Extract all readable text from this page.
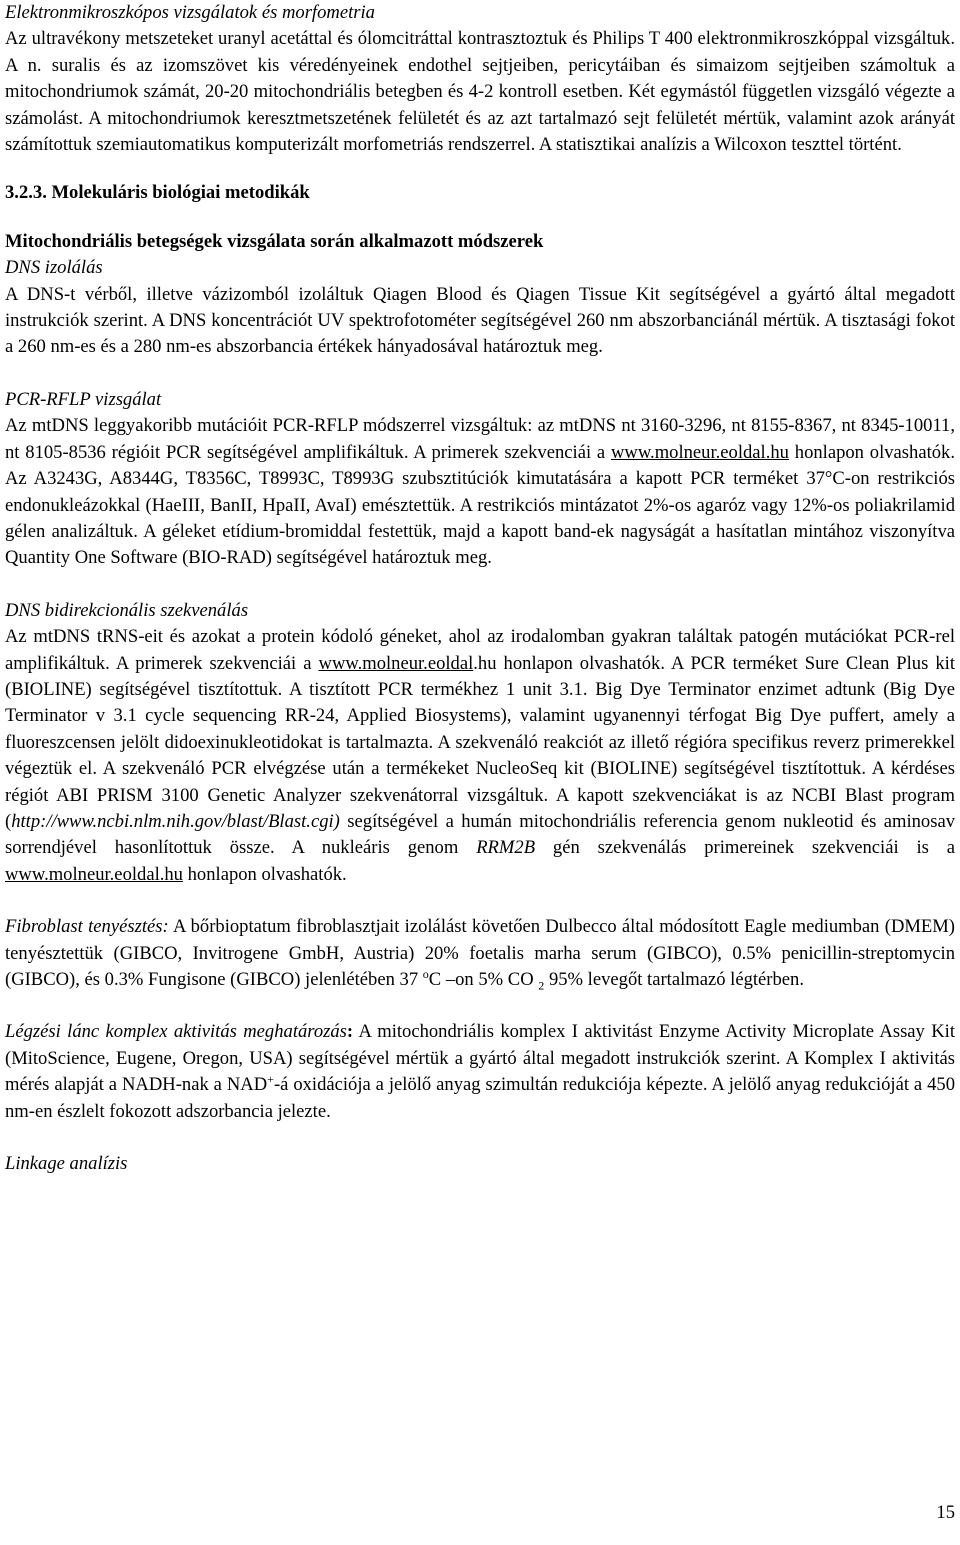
Elektronmikroszkópos vizsgálatok és morfometria

Az ultravékony metszeteket uranyl acetáttal és ólomcitráttal kontrasztoztuk és Philips T 400 elektronmikroszkóppal vizsgáltuk. A n. suralis és az izomszövet kis véredényeinek endothel sejtjeiben, pericytáiban és simaizom sejtjeiben számoltuk a mitochondriumok számát, 20-20 mitochondriális betegben és 4-2 kontroll esetben. Két egymástól független vizsgáló végezte a számolást. A mitochondriumok keresztmetszetének felületét és az azt tartalmazó sejt felületét mértük, valamint azok arányát számítottuk szemiautomatikus komputerizált morfometriás rendszerrel. A statisztikai analízis a Wilcoxon teszttel történt.

3.2.3. Molekuláris biológiai metodikák

Mitochondriális betegségek vizsgálata során alkalmazott módszerek

DNS izolálás

A DNS-t vérből, illetve vázizomból izoláltuk Qiagen Blood és Qiagen Tissue Kit segítségével a gyártó által megadott instrukciók szerint. A DNS koncentrációt UV spektrofotométer segítségével 260 nm abszorbanciánál mértük. A tisztasági fokot a 260 nm-es és a 280 nm-es abszorbancia értékek hányadosával határoztuk meg.

PCR-RFLP vizsgálat

Az mtDNS leggyakoribb mutációit PCR-RFLP módszerrel vizsgáltuk: az mtDNS nt 3160-3296, nt 8155-8367, nt 8345-10011, nt 8105-8536 régióit PCR segítségével amplifikáltuk. A primerek szekvenciái a www.molneur.eoldal.hu honlapon olvashatók. Az A3243G, A8344G, T8356C, T8993C, T8993G szubsztitúciók kimutatására a kapott PCR terméket 37°C-on restrikciós endonukleázokkal (HaeIII, BanII, HpaII, AvaI) emésztettük. A restrikciós mintázatot 2%-os agaróz vagy 12%-os poliakrilamid gélen analizáltuk. A géleket etídium-bromiddal festettük, majd a kapott band-ek nagyságát a hasítatlan mintához viszonyítva Quantity One Software (BIO-RAD) segítségével határoztuk meg.

DNS bidirekcionális szekvenálás

Az mtDNS tRNS-eit és azokat a protein kódoló géneket, ahol az irodalomban gyakran találtak patogén mutációkat PCR-rel amplifikáltuk. A primerek szekvenciái a www.molneur.eoldal.hu honlapon olvashatók. A PCR terméket Sure Clean Plus kit (BIOLINE) segítségével tisztítottuk. A tisztított PCR termékhez 1 unit 3.1. Big Dye Terminator enzimet adtunk (Big Dye Terminator v 3.1 cycle sequencing RR-24, Applied Biosystems), valamint ugyanennyi térfogat Big Dye puffert, amely a fluoreszcensen jelölt didoexinukleotidokat is tartalmazta. A szekvenáló reakciót az illető régióra specifikus reverz primerekkel végeztük el. A szekvenáló PCR elvégzése után a termékeket NucleoSeq kit (BIOLINE) segítségével tisztítottuk. A kérdéses régiót ABI PRISM 3100 Genetic Analyzer szekvenátorral vizsgáltuk. A kapott szekvenciákat is az NCBI Blast program (http://www.ncbi.nlm.nih.gov/blast/Blast.cgi) segítségével a humán mitochondriális referencia genom nukleotid és aminosav sorrendjével hasonlítottuk össze. A nukleáris genom RRM2B gén szekvenálás primereinek szekvenciái is a www.molneur.eoldal.hu honlapon olvashatók.

Fibroblast tenyésztés: A bőrbioptatum fibroblasztjait izolálást követően Dulbecco által módosított Eagle mediumban (DMEM) tenyésztettük (GIBCO, Invitrogene GmbH, Austria) 20% foetalis marha serum (GIBCO), 0.5% penicillin-streptomycin (GIBCO), és 0.3% Fungisone (GIBCO) jelenlétében 37 $^o$C –on 5% CO $_2$ 95% levegőt tartalmazó légtérben.

Légzési lánc komplex aktivitás meghatározás: A mitochondriális komplex I aktivitást Enzyme Activity Microplate Assay Kit (MitoScience, Eugene, Oregon, USA) segítségével mértük a gyártó által megadott instrukciók szerint. A Komplex I aktivitás mérés alapját a NADH-nak a NAD+-á oxidációja a jelölő anyag szimultán redukciója képezte. A jelölő anyag redukcióját a 450 nm-en észlelt fokozott adszorbancia jelezte.

Linkage analízis

15
